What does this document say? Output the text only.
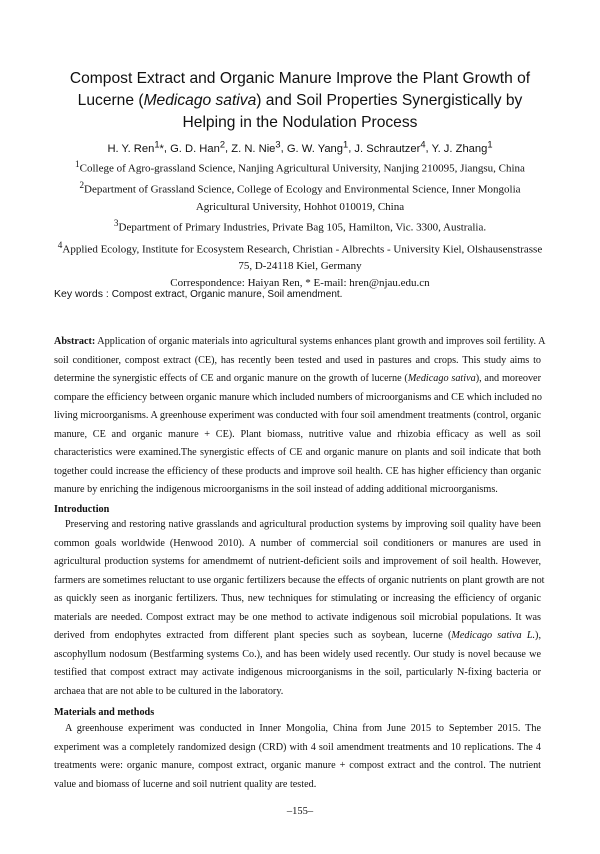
Compost Extract and Organic Manure Improve the Plant Growth of
Lucerne (Medicago sativa) and Soil Properties Synergistically by
Helping in the Nodulation Process
H. Y. Ren$^1$*, G. D. Han$^2$, Z. N. Nie$^3$, G. W. Yang$^1$, J. Schrautzer$^4$, Y. J. Zhang$^1$
$^1$College of Agro-grassland Science, Nanjing Agricultural University, Nanjing 210095, Jiangsu, China
$^2$Department of Grassland Science, College of Ecology and Environmental Science, Inner Mongolia
Agricultural University, Hohhot 010019, China
$^3$Department of Primary Industries, Private Bag 105, Hamilton, Vic. 3300, Australia.
$^4$Applied Ecology, Institute for Ecosystem Research, Christian - Albrechts - University Kiel, Olshausenstrasse
75, D-24118 Kiel, Germany
Correspondence: Haiyan Ren, * E-mail: hren@njau.edu.cn
Key words : Compost extract, Organic manure, Soil amendment.
Abstract: Application of organic materials into agricultural systems enhances plant growth and improves soil fertility. A
soil conditioner, compost extract (CE), has recently been tested and used in pastures and crops. This study aims to
determine the synergistic effects of CE and organic manure on the growth of lucerne (Medicago sativa), and moreover
compare the efficiency between organic manure which included numbers of microorganisms and CE which included no
living microorganisms. A greenhouse experiment was conducted with four soil amendment treatments (control, organic
manure, CE and organic manure + CE). Plant biomass, nutritive value and rhizobia efficacy as well as soil
characteristics were examined.The synergistic effects of CE and organic manure on plants and soil indicate that both
together could increase the efficiency of these products and improve soil health. CE has higher efficiency than organic
manure by enriching the indigenous microorganisms in the soil instead of adding additional microorganisms.
Introduction
Preserving and restoring native grasslands and agricultural production systems by improving soil quality have been
common goals worldwide (Henwood 2010). A number of commercial soil conditioners or manures are used in
agricultural production systems for amendmemt of nutrient-deficient soils and improvement of soil health. However,
farmers are sometimes reluctant to use organic fertilizers because the effects of organic nutrients on plant growth are not
as quickly seen as inorganic fertilizers. Thus, new techniques for stimulating or increasing the efficiency of organic
materials are needed. Compost extract may be one method to activate indigenous soil microbial populations. It was
derived from endophytes extracted from different plant species such as soybean, lucerne (Medicago sativa L.),
ascophyllum nodosum (Bestfarming systems Co.), and has been widely used recently. Our study is novel because we
testified that compost extract may activate indigenous microorganisms in the soil, particularly N-fixing bacteria or
archaea that are not able to be cultured in the laboratory.
Materials and methods
A greenhouse experiment was conducted in Inner Mongolia, China from June 2015 to September 2015. The
experiment was a completely randomized design (CRD) with 4 soil amendment treatments and 10 replications. The 4
treatments were: organic manure, compost extract, organic manure + compost extract and the control. The nutrient
value and biomass of lucerne and soil nutrient quality are tested.
–155–
